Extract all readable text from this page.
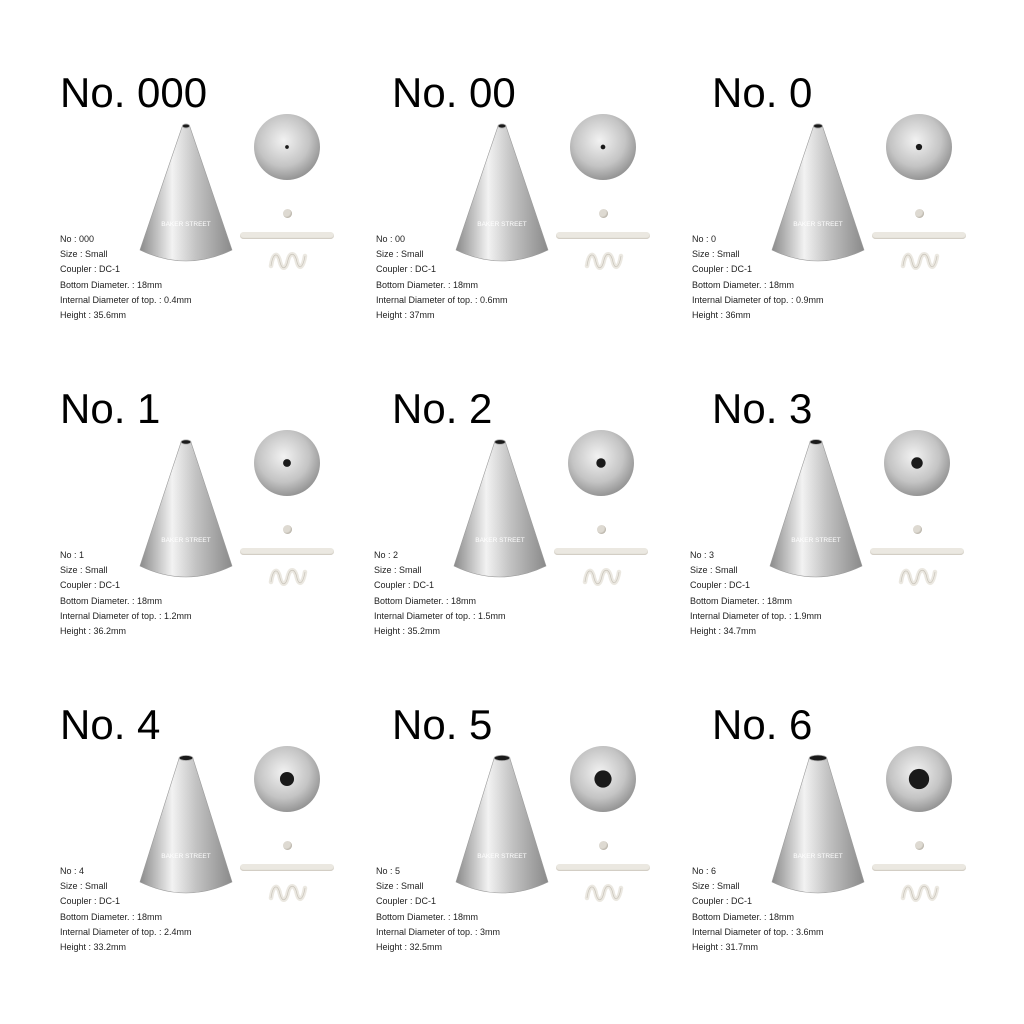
No. 000
BAKER STREET
No : 000
Size : Small
Coupler : DC-1
Bottom Diameter. : 18mm
Internal Diameter of top. : 0.4mm
Height : 35.6mm
No. 00
BAKER STREET
No : 00
Size : Small
Coupler : DC-1
Bottom Diameter. : 18mm
Internal Diameter of top. : 0.6mm
Height : 37mm
No. 0
BAKER STREET
No : 0
Size : Small
Coupler : DC-1
Bottom Diameter. : 18mm
Internal Diameter of top. : 0.9mm
Height : 36mm
No. 1
BAKER STREET
No : 1
Size : Small
Coupler : DC-1
Bottom Diameter. : 18mm
Internal Diameter of top. : 1.2mm
Height : 36.2mm
No. 2
BAKER STREET
No : 2
Size : Small
Coupler : DC-1
Bottom Diameter. : 18mm
Internal Diameter of top. : 1.5mm
Height : 35.2mm
No. 3
BAKER STREET
No : 3
Size : Small
Coupler : DC-1
Bottom Diameter. : 18mm
Internal Diameter of top. : 1.9mm
Height : 34.7mm
No. 4
BAKER STREET
No : 4
Size : Small
Coupler : DC-1
Bottom Diameter. : 18mm
Internal Diameter of top. : 2.4mm
Height : 33.2mm
No. 5
BAKER STREET
No : 5
Size : Small
Coupler : DC-1
Bottom Diameter. : 18mm
Internal Diameter of top. : 3mm
Height : 32.5mm
No. 6
BAKER STREET
No : 6
Size : Small
Coupler : DC-1
Bottom Diameter. : 18mm
Internal Diameter of top. : 3.6mm
Height : 31.7mm
